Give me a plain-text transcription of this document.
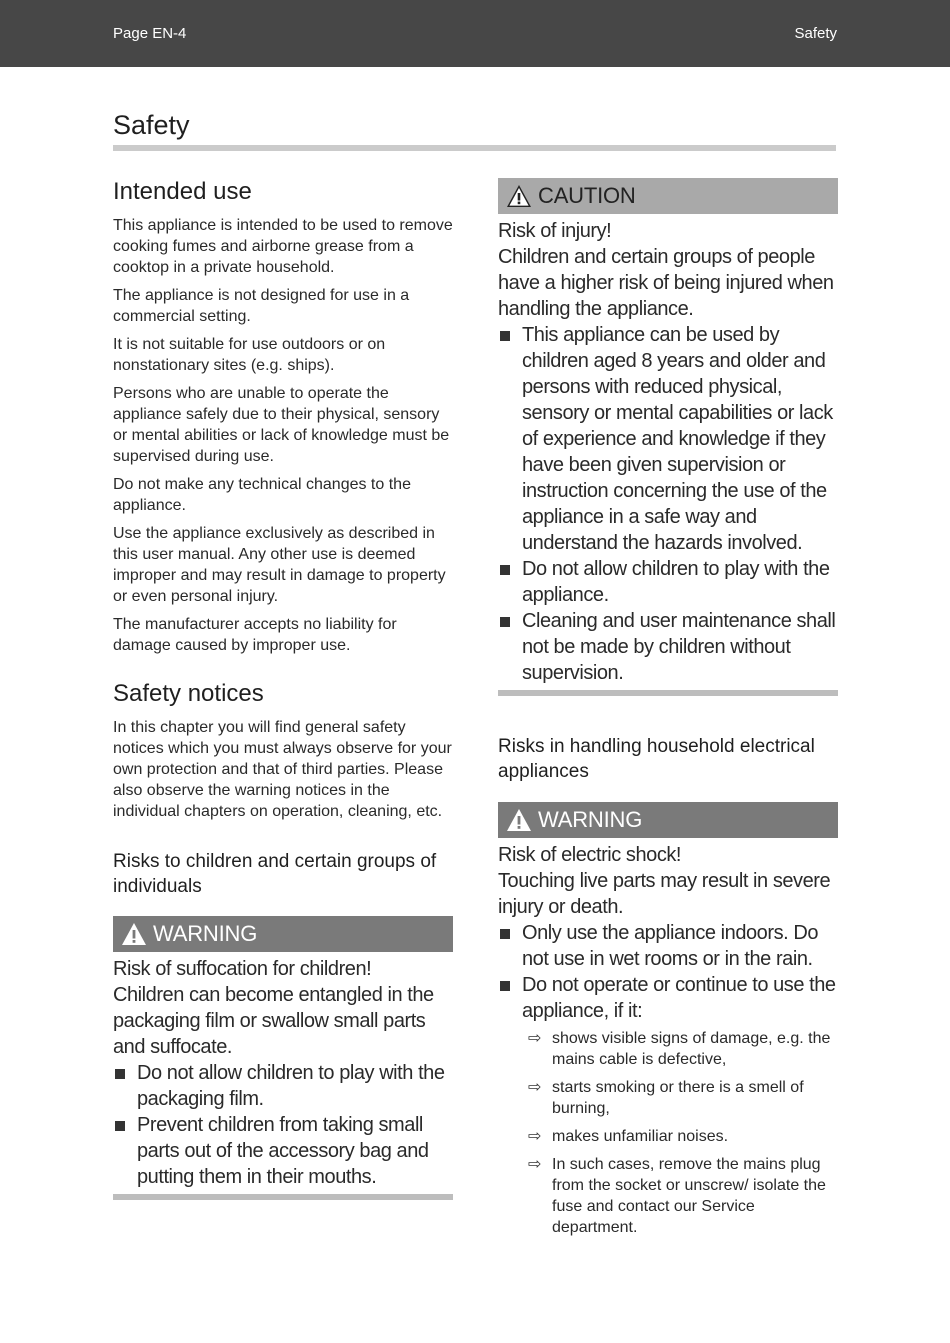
Page EN-4	Safety
Safety
Intended use

This appliance is intended to be used to remove cooking fumes and airborne grease from a cooktop in a private household.

The appliance is not designed for use in a commercial setting.

It is not suitable for use outdoors or on nonstationary sites (e.g. ships).

Persons who are unable to operate the appliance safely due to their physical, sensory or mental abilities or lack of knowledge must be supervised during use.

Do not make any technical changes to the appliance.

Use the appliance exclusively as described in this user manual. Any other use is deemed improper and may result in damage to property or even personal injury.

The manufacturer accepts no liability for damage caused by improper use.

Safety notices

In this chapter you will find general safety notices which you must always observe for your own protection and that of third parties. Please also observe the warning notices in the individual chapters on operation, cleaning, etc.

Risks to children and certain groups of individuals
WARNING
Risk of suffocation for children!
Children can become entangled in the packaging film or swallow small parts and suffocate.
Do not allow children to play with the packaging film.
Prevent children from taking small parts out of the accessory bag and putting them in their mouths.
CAUTION
Risk of injury!
Children and certain groups of people have a higher risk of being injured when handling the appliance.
This appliance can be used by children aged 8 years and older and persons with reduced physical, sensory or mental capabilities or lack of experience and knowledge if they have been given supervision or instruction concerning the use of the appliance in a safe way and understand the hazards involved.
Do not allow children to play with the appliance.
Cleaning and user maintenance shall not be made by children without supervision.
Risks in handling household electrical appliances
WARNING
Risk of electric shock!
Touching live parts may result in severe injury or death.
Only use the appliance indoors. Do not use in wet rooms or in the rain.
Do not operate or continue to use the appliance, if it:
⇨ shows visible signs of damage, e.g. the mains cable is defective,
⇨ starts smoking or there is a smell of burning,
⇨ makes unfamiliar noises.
⇨ In such cases, remove the mains plug from the socket or unscrew/ isolate the fuse and contact our Service department.
